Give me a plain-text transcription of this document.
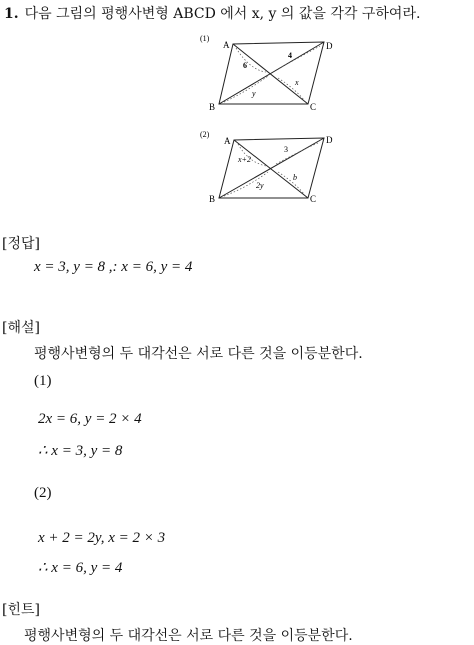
1. 다음 그림의 평행사변형 ABCD 에서 x, y 의 값을 각각 구하여라.
(1)
A	D
B	C
4
6
y
x
(2)
A	D
B	C
x+2
3
2y
b
[정답]
x = 3, y = 8 ,: x = 6, y = 4
[해설]
평행사변형의 두 대각선은 서로 다른 것을 이등분한다.
(1)
2x = 6, y = 2 × 4
∴ x = 3, y = 8
(2)
x + 2 = 2y, x = 2 × 3
∴ x = 6, y = 4
[힌트]
평행사변형의 두 대각선은 서로 다른 것을 이등분한다.
